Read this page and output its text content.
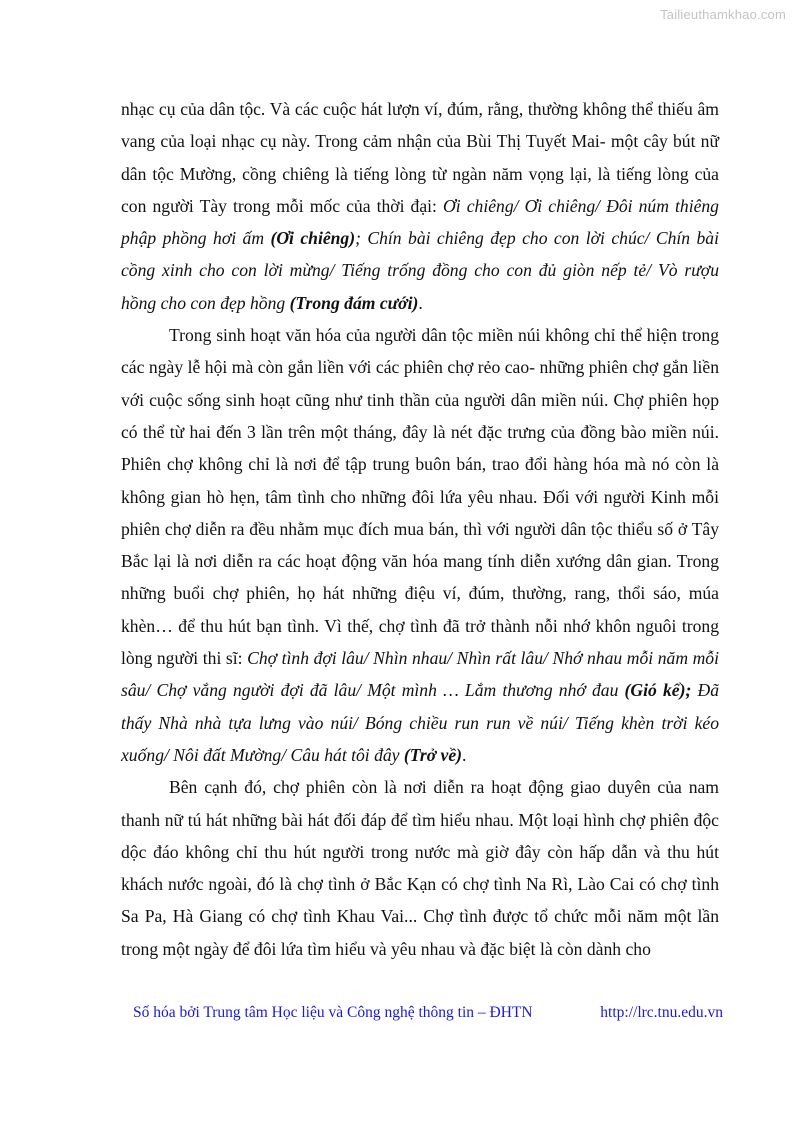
Tailieuthamkhao.com

nhạc cụ của dân tộc. Và các cuộc hát lượn ví, đúm, rằng, thường không thể thiếu âm vang của loại nhạc cụ này. Trong cảm nhận của Bùi Thị Tuyết Mai- một cây bút nữ dân tộc Mường, cồng chiêng là tiếng lòng từ ngàn năm vọng lại, là tiếng lòng của con người Tày trong mỗi mốc của thời đại: Ơi chiêng/ Ơi chiêng/ Đôi núm thiêng phập phồng hơi ấm (Ơi chiêng); Chín bài chiêng đẹp cho con lời chúc/ Chín bài cồng xinh cho con lời mừng/ Tiếng trống đồng cho con đủ giòn nếp tẻ/ Vò rượu hồng cho con đẹp hồng (Trong đám cưới).

Trong sinh hoạt văn hóa của người dân tộc miền núi không chỉ thể hiện trong các ngày lễ hội mà còn gắn liền với các phiên chợ rẻo cao- những phiên chợ gắn liền với cuộc sống sinh hoạt cũng như tinh thần của người dân miền núi. Chợ phiên họp có thể từ hai đến 3 lần trên một tháng, đây là nét đặc trưng của đồng bào miền núi. Phiên chợ không chỉ là nơi để tập trung buôn bán, trao đổi hàng hóa mà nó còn là không gian hò hẹn, tâm tình cho những đôi lứa yêu nhau. Đối với người Kinh mỗi phiên chợ diễn ra đều nhằm mục đích mua bán, thì với người dân tộc thiểu số ở Tây Bắc lại là nơi diễn ra các hoạt động văn hóa mang tính diễn xướng dân gian. Trong những buổi chợ phiên, họ hát những điệu ví, đúm, thường, rang, thổi sáo, múa khèn… để thu hút bạn tình. Vì thế, chợ tình đã trở thành nỗi nhớ khôn nguôi trong lòng người thi sĩ: Chợ tình đợi lâu/ Nhìn nhau/ Nhìn rất lâu/ Nhớ nhau mỗi năm mỗi sâu/ Chợ vắng người đợi đã lâu/ Một mình … Lắm thương nhớ đau (Gió kể); Đã thấy Nhà nhà tựa lưng vào núi/ Bóng chiều run run về núi/ Tiếng khèn trời kéo xuống/ Nôi đất Mường/ Câu hát tôi đây (Trở về).

Bên cạnh đó, chợ phiên còn là nơi diễn ra hoạt động giao duyên của nam thanh nữ tú hát những bài hát đối đáp để tìm hiểu nhau. Một loại hình chợ phiên độc dộc đáo không chỉ thu hút người trong nước mà giờ đây còn hấp dẫn và thu hút khách nước ngoài, đó là chợ tình ở Bắc Kạn có chợ tình Na Rì, Lào Cai có chợ tình Sa Pa, Hà Giang có chợ tình Khau Vai... Chợ tình được tổ chức mỗi năm một lần trong một ngày để đôi lứa tìm hiểu và yêu nhau và đặc biệt là còn dành cho

Số hóa bởi Trung tâm Học liệu và Công nghệ thông tin – ĐHTN	http://lrc.tnu.edu.vn
